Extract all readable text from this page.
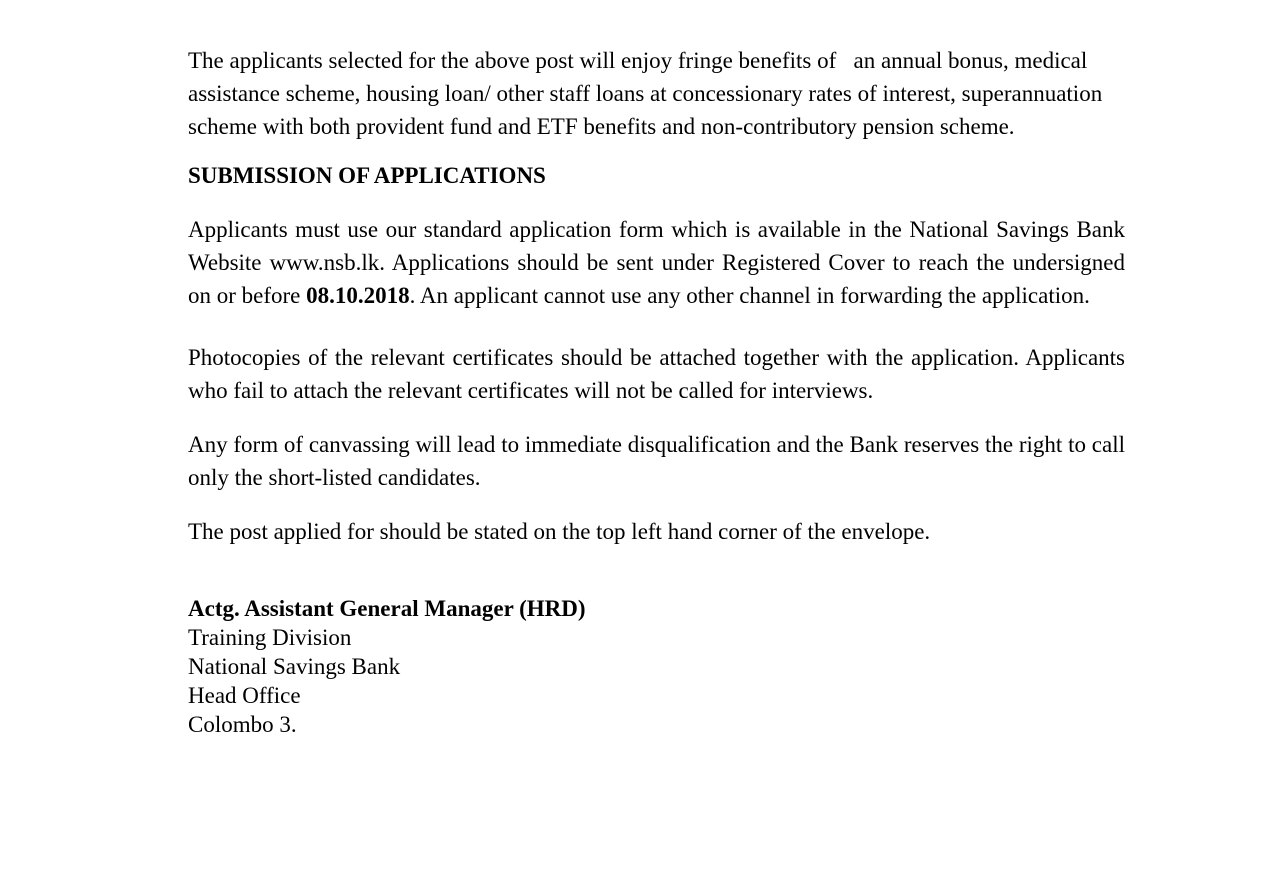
The applicants selected for the above post will enjoy fringe benefits of   an annual bonus, medical assistance scheme, housing loan/ other staff loans at concessionary rates of interest, superannuation scheme with both provident fund and ETF benefits and non-contributory pension scheme.

SUBMISSION OF APPLICATIONS

Applicants must use our standard application form which is available in the National Savings Bank Website www.nsb.lk. Applications should be sent under Registered Cover to reach the undersigned on or before 08.10.2018. An applicant cannot use any other channel in forwarding the application.

Photocopies of the relevant certificates should be attached together with the application. Applicants who fail to attach the relevant certificates will not be called for interviews.

Any form of canvassing will lead to immediate disqualification and the Bank reserves the right to call only the short-listed candidates.

The post applied for should be stated on the top left hand corner of the envelope.

Actg. Assistant General Manager (HRD)
Training Division
National Savings Bank
Head Office
Colombo 3.
